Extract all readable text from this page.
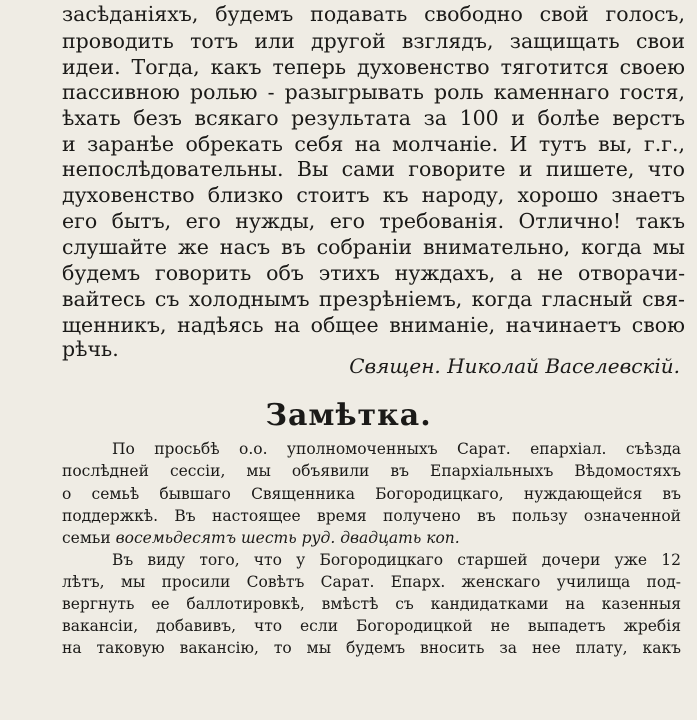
засѣданіяхъ, будемъ подавать свободно свой голосъ,
проводить тотъ или другой взглядъ, защищать свои
идеи. Тогда, какъ теперь духовенство тяготится своею
пассивною ролью - разыгрывать роль каменнаго гостя,
ѣхать безъ всякаго результата за 100 и болѣе верстъ
и заранѣе обрекать себя на молчаніе. И тутъ вы, г.г.,
непослѣдовательны. Вы сами говорите и пишете, что
духовенство близко стоитъ къ народу, хорошо знаетъ
его бытъ, его нужды, его требованія. Отлично! такъ
слушайте же насъ въ собраніи внимательно, когда мы
будемъ говорить объ этихъ нуждахъ, а не отворачи-
вайтесь съ холоднымъ презрѣніемъ, когда гласный свя-
щенникъ, надѣясь на общее вниманіе, начинаетъ свою
рѣчь.
Священ. Николай Васелевскій.
Замѣтка.
По просьбѣ о.о. уполномоченныхъ Сарат. епархіал. съѣзда
послѣдней сессіи, мы объявили въ Епархіальныхъ Вѣдомостяхъ
о семьѣ бывшаго Священника Богородицкаго, нуждающейся въ
поддержкѣ. Въ настоящее время получено въ пользу означенной
семьи восемьдесятъ шесть руд. двадцать коп.
Въ виду того, что у Богородицкаго старшей дочери уже 12
лѣтъ, мы просили Совѣтъ Сарат. Епарх. женскаго училища под-
вергнуть ее баллотировкѣ, вмѣстѣ съ кандидатками на казенныя
вакансіи, добавивъ, что если Богородицкой не выпадетъ жребія
на таковую вакансію, то мы будемъ вносить за нее плату, какъ
